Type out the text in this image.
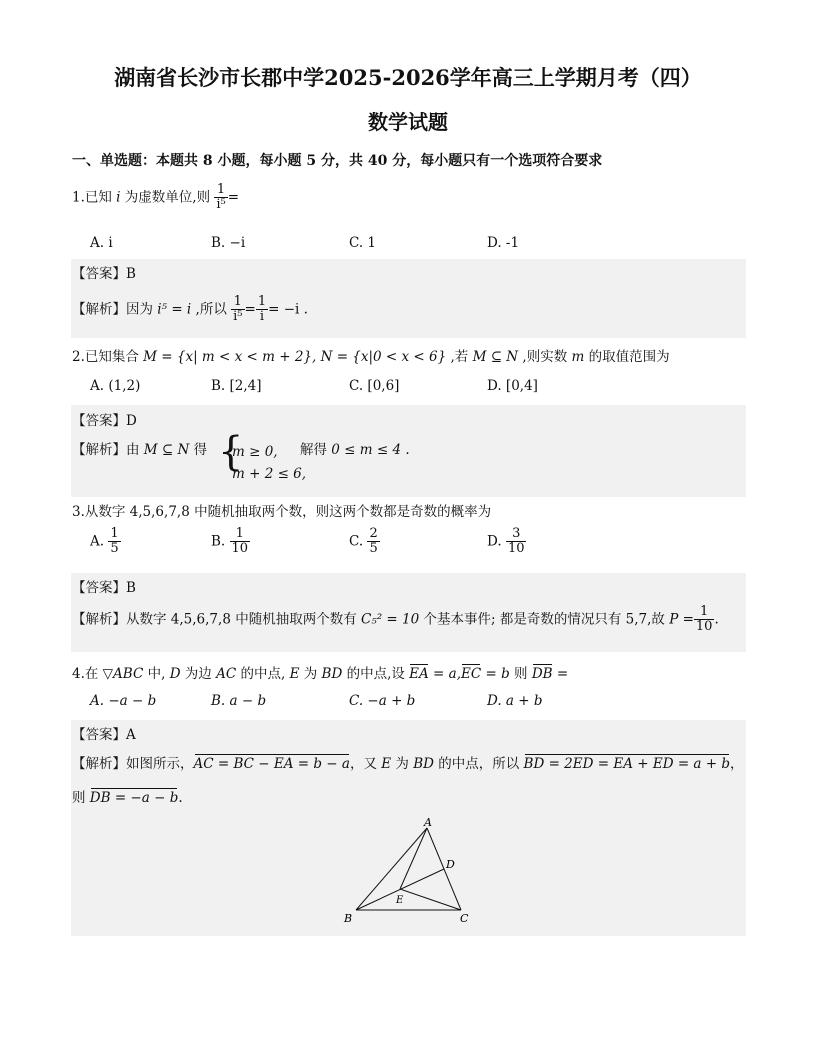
湖南省长沙市长郡中学2025-2026学年高三上学期月考（四）
数学试题
一、单选题：本题共 8 小题，每小题 5 分，共 40 分，每小题只有一个选项符合要求
1.已知 i 为虚数单位,则 $\frac{1}{\text{i⁵}}$ =
A. i	B. −i	C. 1	D. -1
【答案】B
【解析】因为 i⁵ = i ,所以 $\frac{1}{\text{i⁵}} = \frac{1}{i} = -i$ .
2.已知集合 M = {x| m < x < m + 2}, N = {x|0 < x < 6} ,若 M ⊆ N ,则实数 m 的取值范围为
A. (1,2)	B. [2,4]	C. [0,6]	D. [0,4]
【答案】D
【解析】由 M ⊆ N 得 {
m ≥ 0,
m + 2 ≤ 6,
解得 0 ≤ m ≤ 4 .
3.从数字 4,5,6,7,8 中随机抽取两个数，则这两个数都是奇数的概率为
A. $\frac{1}{5}$	B. $\frac{1}{10}$	C. $\frac{2}{5}$	D. $\frac{3}{10}$
【答案】B
【解析】从数字 4,5,6,7,8 中随机抽取两个数有 C₅² = 10 个基本事件; 都是奇数的情况只有 5,7,故 $P = \frac{1}{10}$ .
4.在 ▽ABC 中, D 为边 AC 的中点, E 为 BD 的中点,设 EA = a,EC = b 则 DB =
A. −a − b	B. a − b	C. −a + b	D. a + b
【答案】A
【解析】如图所示，AC = BC − EA = b − a，又 E 为 BD 的中点，所以 BD = 2ED = EA + ED = a + b，
则 DB = −a − b.
A
B	C
D
E
